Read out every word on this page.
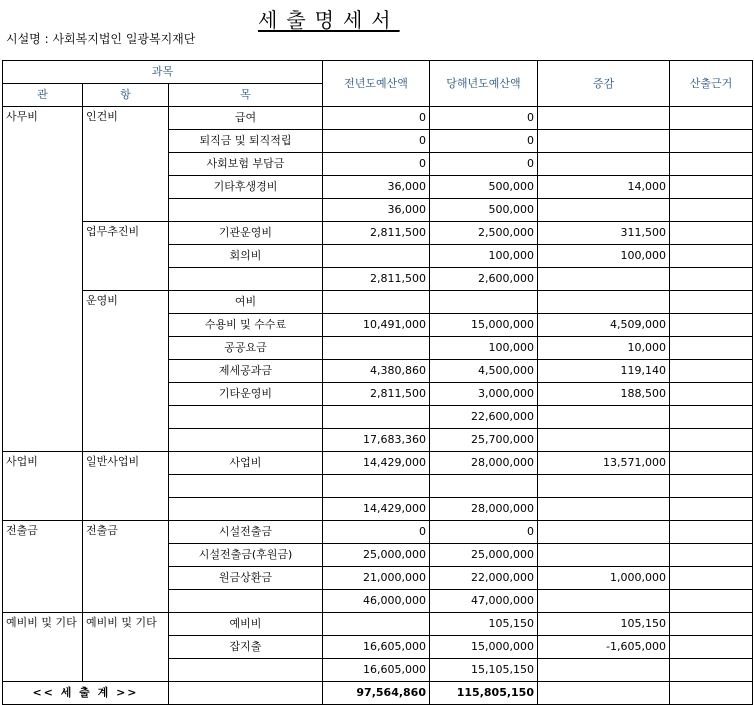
세출명세서
시설명 : 사회복지법인 일광복지재단
과목			전년도예산액	당해년도예산액	증감	산출근거
관	항	목				
사무비	인건비	급여	0	0		
		퇴직금 및 퇴직적립	0	0		
		사회보험 부담금	0	0		
		기타후생경비	36,000	500,000	14,000	
			36,000	500,000		
	업무추진비	기관운영비	2,811,500	2,500,000	311,500	
		회의비		100,000	100,000	
			2,811,500	2,600,000		
	운영비	여비				
		수용비 및 수수료	10,491,000	15,000,000	4,509,000	
		공공요금		100,000	10,000	
		제세공과금	4,380,860	4,500,000	119,140	
		기타운영비	2,811,500	3,000,000	188,500	
				22,600,000		
			17,683,360	25,700,000		
사업비	일반사업비	사업비	14,429,000	28,000,000	13,571,000	

			14,429,000	28,000,000		
전출금	전출금	시설전출금	0	0		
		시설전출금(후원금)	25,000,000	25,000,000		
		원금상환금	21,000,000	22,000,000	1,000,000	
			46,000,000	47,000,000		
예비비 및 기타	예비비 및 기타	예비비		105,150	105,150	
		잡지출	16,605,000	15,000,000	-1,605,000	
			16,605,000	15,105,150		
<< 세 출 계 >>			97,564,860	115,805,150		
